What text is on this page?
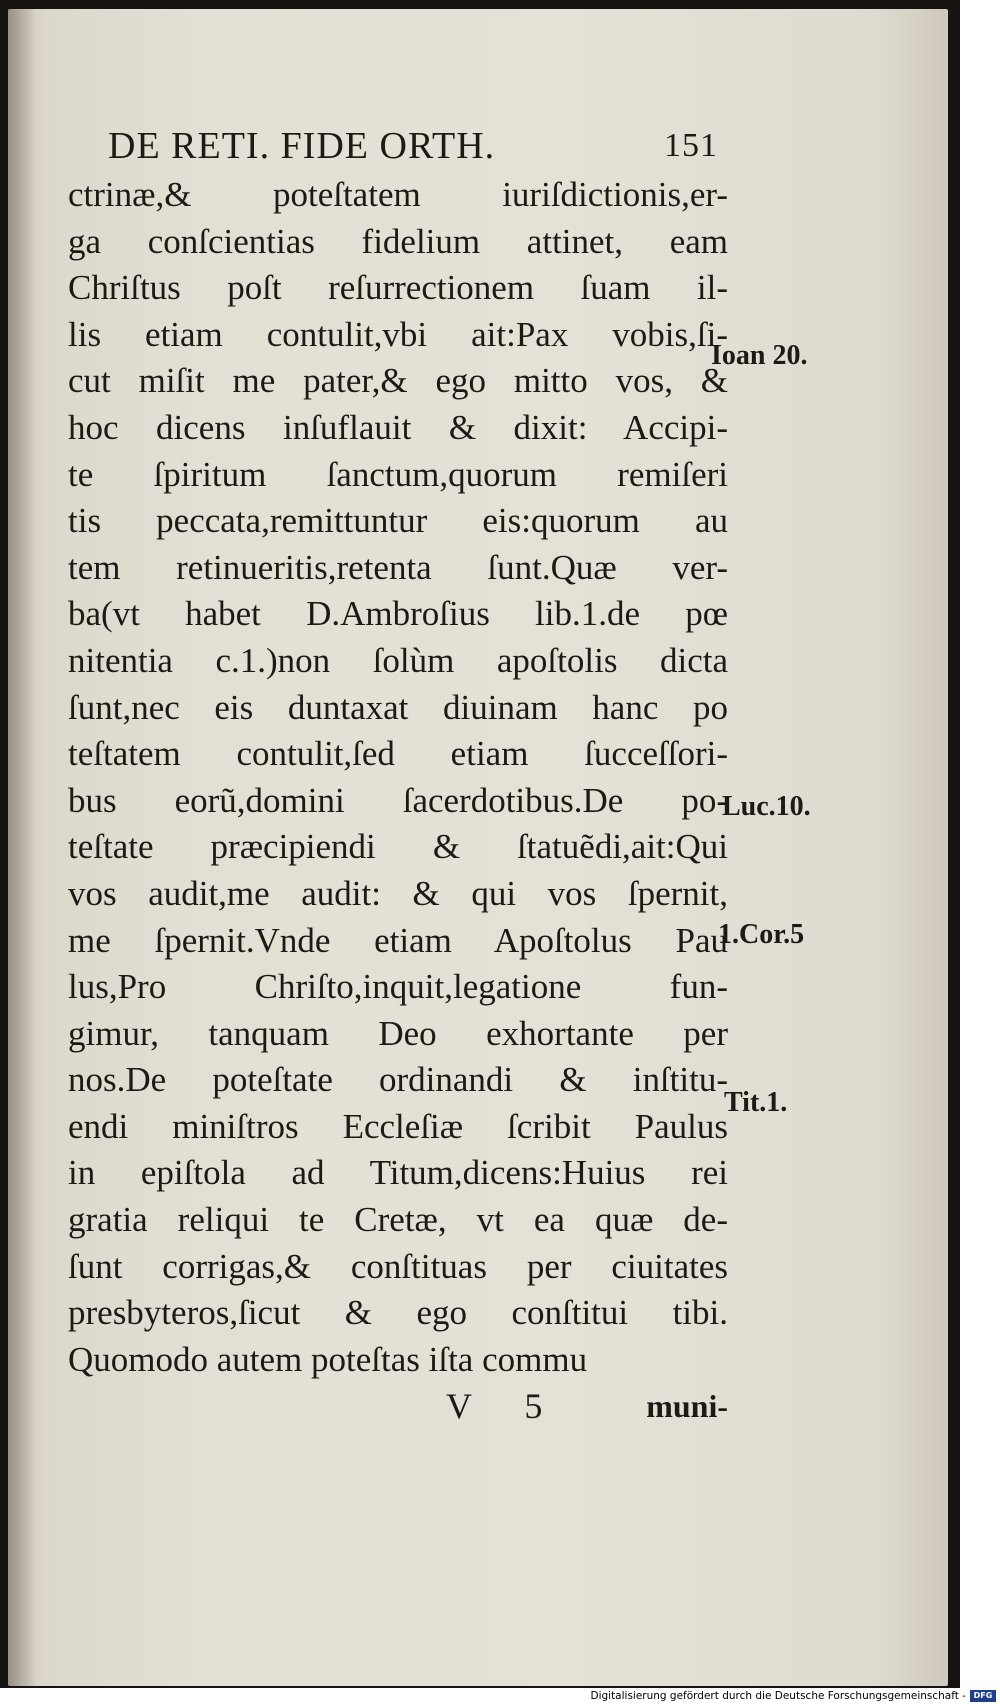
DE RETI. FIDE ORTH.	151
ctrinæ,& poteſtatem iuriſdictionis,er-
ga conſcientias fidelium attinet, eam
Chriſtus poſt reſurrectionem ſuam il-
lis etiam contulit,vbi ait:Pax vobis,ſi-
cut miſit me pater,& ego mitto vos, &
hoc dicens inſuflauit & dixit: Accipi-
te ſpiritum ſanctum,quorum remiſeri
tis peccata,remittuntur eis:quorum au
tem retinueritis,retenta ſunt.Quæ ver-
ba(vt habet D.Ambroſius lib.1.de pœ
nitentia c.1.)non ſolùm apoſtolis dicta
ſunt,nec eis duntaxat diuinam hanc po
teſtatem contulit,ſed etiam ſucceſſori-
bus eorũ,domini ſacerdotibus.De po-
teſtate præcipiendi & ſtatuẽdi,ait:Qui
vos audit,me audit: & qui vos ſpernit,
me ſpernit.Vnde etiam Apoſtolus Pau
lus,Pro Chriſto,inquit,legatione fun-
gimur, tanquam Deo exhortante per
nos.De poteſtate ordinandi & inſtitu-
endi miniſtros Eccleſiæ ſcribit Paulus
in epiſtola ad Titum,dicens:Huius rei
gratia reliqui te Cretæ, vt ea quæ de-
ſunt corrigas,& conſtituas per ciuitates
presbyteros,ſicut & ego conſtitui tibi.
Quomodo autem poteſtas iſta commu
Ioan 20.
Luc.10.
1.Cor.5
Tit.1.
V 5	muni-
Digitalisierung gefördert durch die Deutsche Forschungsgemeinschaft - DFG
